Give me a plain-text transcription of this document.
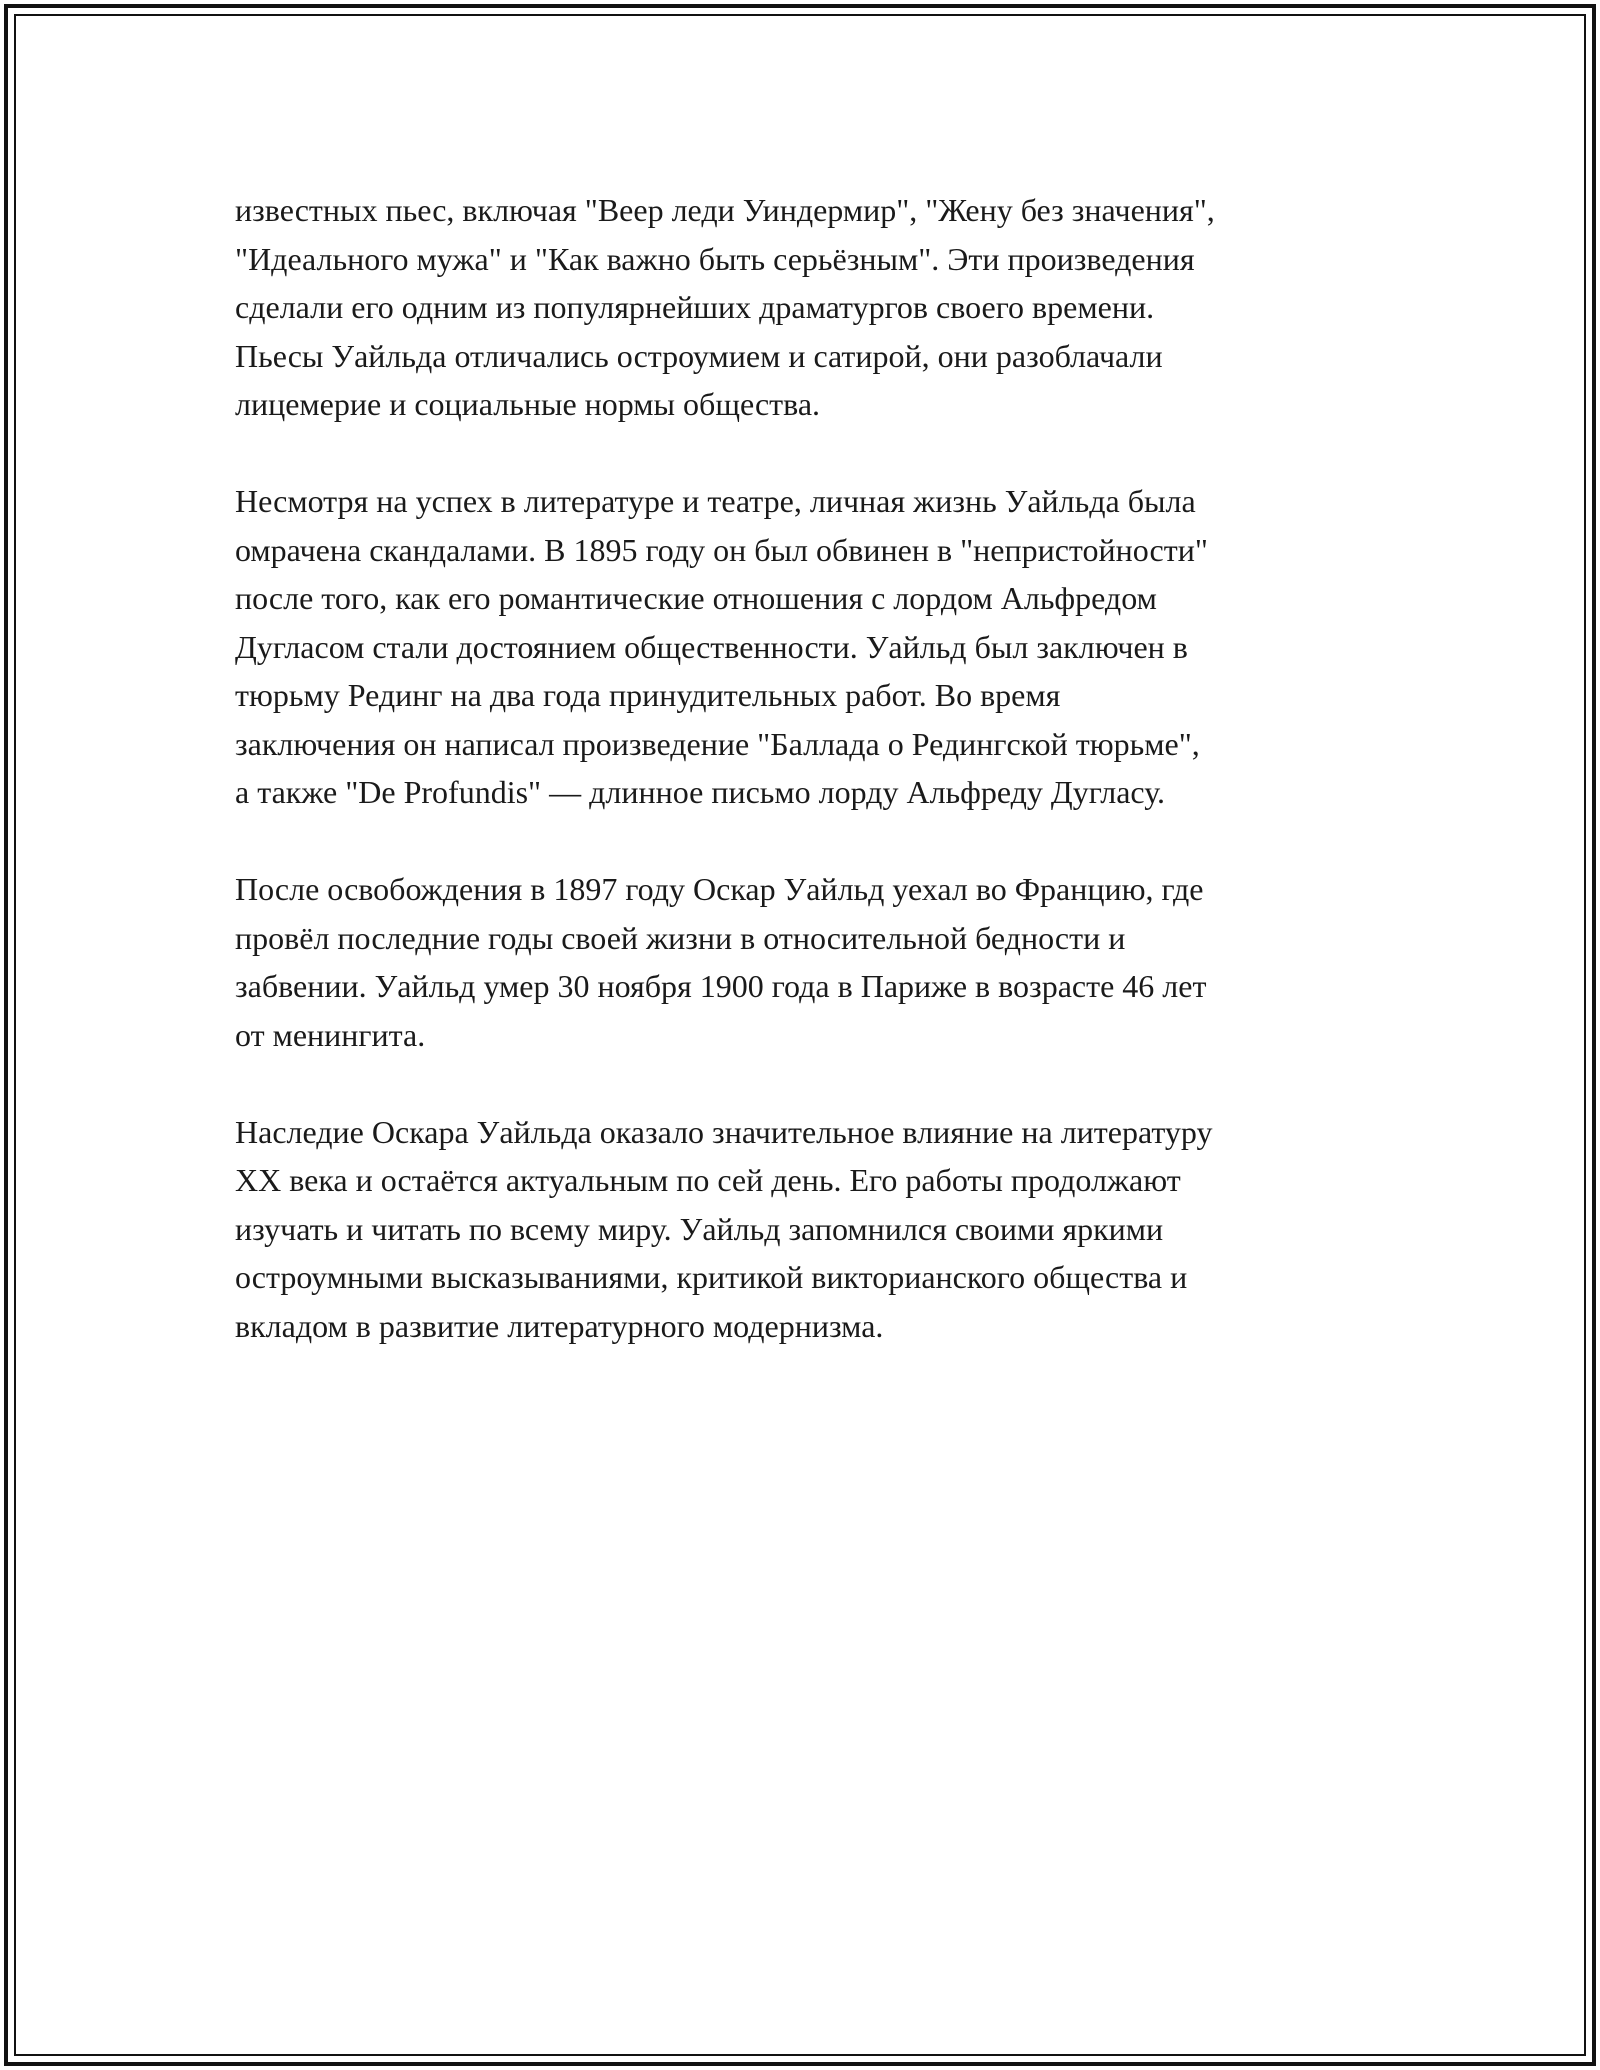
известных пьес, включая "Веер леди Уиндермир", "Жену без значения",
"Идеального мужа" и "Как важно быть серьёзным". Эти произведения
сделали его одним из популярнейших драматургов своего времени.
Пьесы Уайльда отличались остроумием и сатирой, они разоблачали
лицемерие и социальные нормы общества.

Несмотря на успех в литературе и театре, личная жизнь Уайльда была
омрачена скандалами. В 1895 году он был обвинен в "непристойности"
после того, как его романтические отношения с лордом Альфредом
Дугласом стали достоянием общественности. Уайльд был заключен в
тюрьму Рединг на два года принудительных работ. Во время
заключения он написал произведение "Баллада о Редингской тюрьме",
а также "De Profundis" — длинное письмо лорду Альфреду Дугласу.

После освобождения в 1897 году Оскар Уайльд уехал во Францию, где
провёл последние годы своей жизни в относительной бедности и
забвении. Уайльд умер 30 ноября 1900 года в Париже в возрасте 46 лет
от менингита.

Наследие Оскара Уайльда оказало значительное влияние на литературу
XX века и остаётся актуальным по сей день. Его работы продолжают
изучать и читать по всему миру. Уайльд запомнился своими яркими
остроумными высказываниями, критикой викторианского общества и
вкладом в развитие литературного модернизма.
